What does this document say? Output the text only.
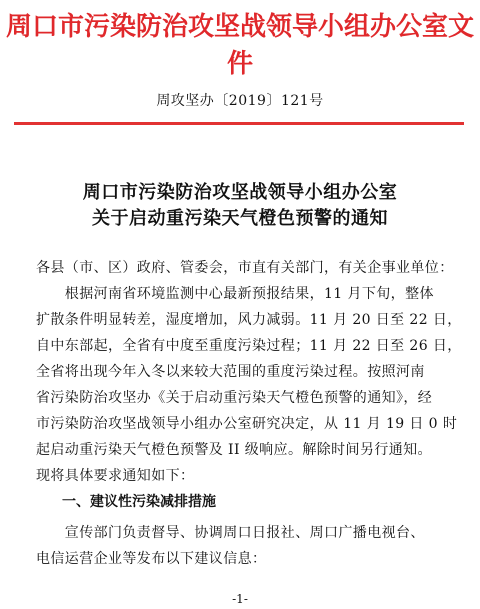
周口市污染防治攻坚战领导小组办公室文件
周攻坚办〔2019〕121号
周口市污染防治攻坚战领导小组办公室
关于启动重污染天气橙色预警的通知
各县（市、区）政府、管委会，市直有关部门，有关企事业单位：
　　根据河南省环境监测中心最新预报结果，11 月下旬，整体
扩散条件明显转差，湿度增加，风力减弱。11 月 20 日至 22 日，
自中东部起，全省有中度至重度污染过程；11 月 22 日至 26 日，
全省将出现今年入冬以来较大范围的重度污染过程。按照河南
省污染防治攻坚办《关于启动重污染天气橙色预警的通知》，经
市污染防治攻坚战领导小组办公室研究决定，从 11 月 19 日 0 时
起启动重污染天气橙色预警及 II 级响应。解除时间另行通知。
现将具体要求通知如下：
一、建议性污染减排措施
　　宣传部门负责督导、协调周口日报社、周口广播电视台、
电信运营企业等发布以下建议信息：
-1-
